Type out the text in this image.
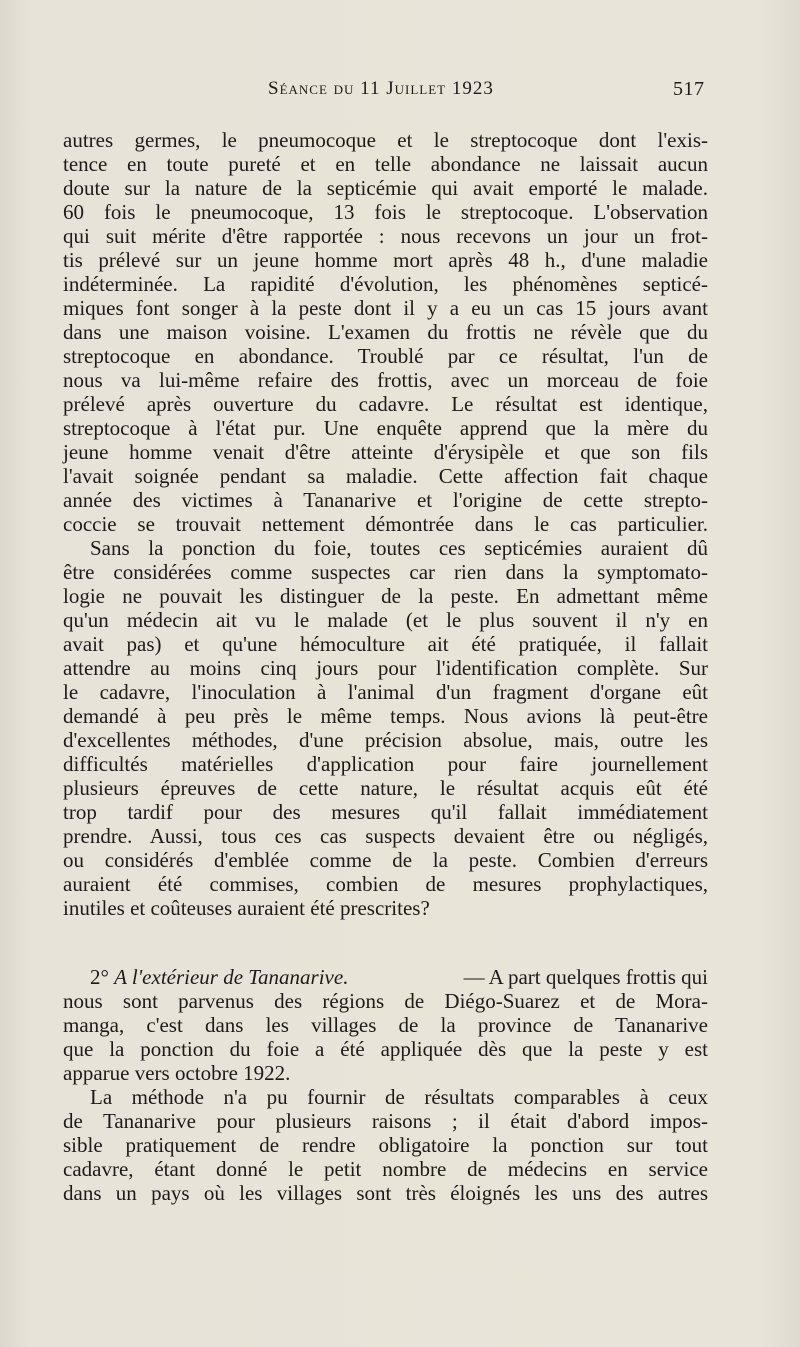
Séance du 11 Juillet 1923	517
autres germes, le pneumocoque et le streptocoque dont l'exis-
tence en toute pureté et en telle abondance ne laissait aucun
doute sur la nature de la septicémie qui avait emporté le malade.
60 fois le pneumocoque, 13 fois le streptocoque. L'observation
qui suit mérite d'être rapportée : nous recevons un jour un frot-
tis prélevé sur un jeune homme mort après 48 h., d'une maladie
indéterminée. La rapidité d'évolution, les phénomènes septicé-
miques font songer à la peste dont il y a eu un cas 15 jours avant
dans une maison voisine. L'examen du frottis ne révèle que du
streptocoque en abondance. Troublé par ce résultat, l'un de
nous va lui-même refaire des frottis, avec un morceau de foie
prélevé après ouverture du cadavre. Le résultat est identique,
streptocoque à l'état pur. Une enquête apprend que la mère du
jeune homme venait d'être atteinte d'érysipèle et que son fils
l'avait soignée pendant sa maladie. Cette affection fait chaque
année des victimes à Tananarive et l'origine de cette strepto-
coccie se trouvait nettement démontrée dans le cas particulier.
Sans la ponction du foie, toutes ces septicémies auraient dû
être considérées comme suspectes car rien dans la symptomato-
logie ne pouvait les distinguer de la peste. En admettant même
qu'un médecin ait vu le malade (et le plus souvent il n'y en
avait pas) et qu'une hémoculture ait été pratiquée, il fallait
attendre au moins cinq jours pour l'identification complète. Sur
le cadavre, l'inoculation à l'animal d'un fragment d'organe eût
demandé à peu près le même temps. Nous avions là peut-être
d'excellentes méthodes, d'une précision absolue, mais, outre les
difficultés matérielles d'application pour faire journellement
plusieurs épreuves de cette nature, le résultat acquis eût été
trop tardif pour des mesures qu'il fallait immédiatement
prendre. Aussi, tous ces cas suspects devaient être ou négligés,
ou considérés d'emblée comme de la peste. Combien d'erreurs
auraient été commises, combien de mesures prophylactiques,
inutiles et coûteuses auraient été prescrites?
2° A l'extérieur de Tananarive.	— A part quelques frottis qui
nous sont parvenus des régions de Diégo-Suarez et de Mora-
manga, c'est dans les villages de la province de Tananarive
que la ponction du foie a été appliquée dès que la peste y est
apparue vers octobre 1922.
La méthode n'a pu fournir de résultats comparables à ceux
de Tananarive pour plusieurs raisons ; il était d'abord impos-
sible pratiquement de rendre obligatoire la ponction sur tout
cadavre, étant donné le petit nombre de médecins en service
dans un pays où les villages sont très éloignés les uns des autres
